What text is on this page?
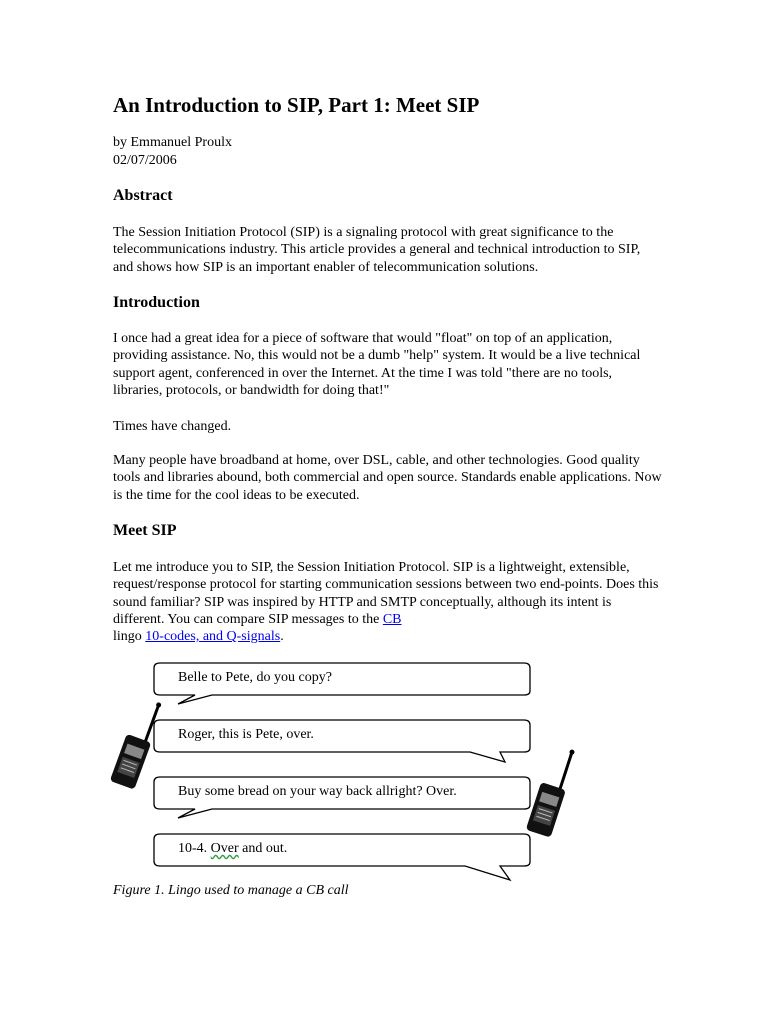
An Introduction to SIP, Part 1: Meet SIP
by Emmanuel Proulx
02/07/2006
Abstract

The Session Initiation Protocol (SIP) is a signaling protocol with great significance to the telecommunications industry. This article provides a general and technical introduction to SIP, and shows how SIP is an important enabler of telecommunication solutions.

Introduction

I once had a great idea for a piece of software that would "float" on top of an application, providing assistance. No, this would not be a dumb "help" system. It would be a live technical support agent, conferenced in over the Internet. At the time I was told "there are no tools, libraries, protocols, or bandwidth for doing that!"

Times have changed.

Many people have broadband at home, over DSL, cable, and other technologies. Good quality tools and libraries abound, both commercial and open source. Standards enable applications. Now is the time for the cool ideas to be executed.

Meet SIP

Let me introduce you to SIP, the Session Initiation Protocol. SIP is a lightweight, extensible, request/response protocol for starting communication sessions between two end-points. Does this sound familiar? SIP was inspired by HTTP and SMTP conceptually, although its intent is different. You can compare SIP messages to the CB
lingo 10-codes, and Q-signals.

Belle to Pete, do you copy?
Roger, this is Pete, over.
Buy some bread on your way back allright? Over.
10-4. Over and out.
Figure 1. Lingo used to manage a CB call
